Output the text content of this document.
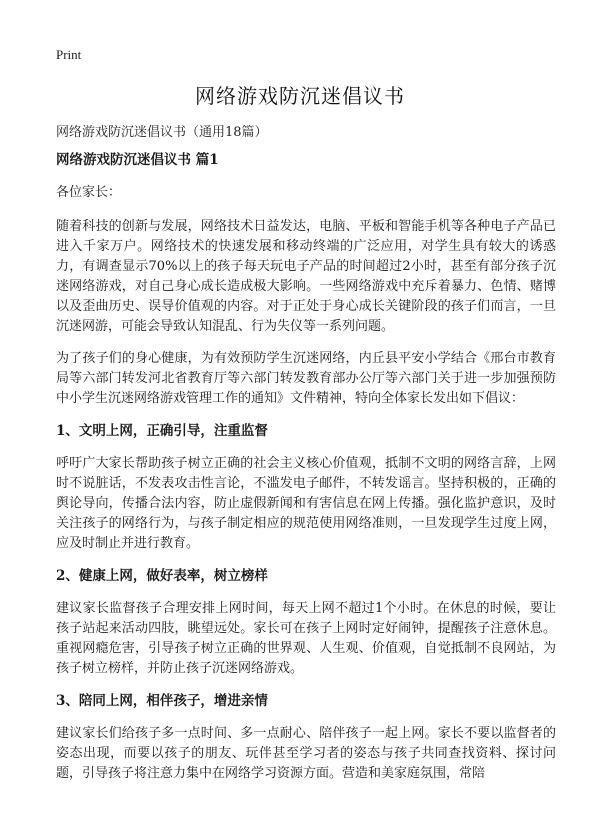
Print
网络游戏防沉迷倡议书
网络游戏防沉迷倡议书（通用18篇）
网络游戏防沉迷倡议书 篇1
各位家长：

随着科技的创新与发展，网络技术日益发达，电脑、平板和智能手机等各种电子产品已进入千家万户。网络技术的快速发展和移动终端的广泛应用，对学生具有较大的诱惑力，有调查显示70%以上的孩子每天玩电子产品的时间超过2小时，甚至有部分孩子沉迷网络游戏，对自己身心成长造成极大影响。一些网络游戏中充斥着暴力、色情、赌博以及歪曲历史、误导价值观的内容。对于正处于身心成长关键阶段的孩子们而言，一旦沉迷网游，可能会导致认知混乱、行为失仪等一系列问题。

为了孩子们的身心健康，为有效预防学生沉迷网络，内丘县平安小学结合《邢台市教育局等六部门转发河北省教育厅等六部门转发教育部办公厅等六部门关于进一步加强预防中小学生沉迷网络游戏管理工作的通知》文件精神，特向全体家长发出如下倡议：

1、文明上网，正确引导，注重监督

呼吁广大家长帮助孩子树立正确的社会主义核心价值观，抵制不文明的网络言辞，上网时不说脏话，不发表攻击性言论，不滥发电子邮件，不转发谣言。坚持积极的，正确的舆论导向，传播合法内容，防止虚假新闻和有害信息在网上传播。强化监护意识，及时关注孩子的网络行为，与孩子制定相应的规范使用网络准则，一旦发现学生过度上网，应及时制止并进行教育。

2、健康上网，做好表率，树立榜样

建议家长监督孩子合理安排上网时间，每天上网不超过1个小时。在休息的时候，要让孩子站起来活动四肢，眺望远处。家长可在孩子上网时定好闹钟，提醒孩子注意休息。重视网瘾危害，引导孩子树立正确的世界观、人生观、价值观，自觉抵制不良网站，为孩子树立榜样，并防止孩子沉迷网络游戏。

3、陪同上网，相伴孩子，增进亲情

建议家长们给孩子多一点时间、多一点耐心、陪伴孩子一起上网。家长不要以监督者的姿态出现，而要以孩子的朋友、玩伴甚至学习者的姿态与孩子共同查找资料、探讨问题，引导孩子将注意力集中在网络学习资源方面。营造和美家庭氛围，常陪
